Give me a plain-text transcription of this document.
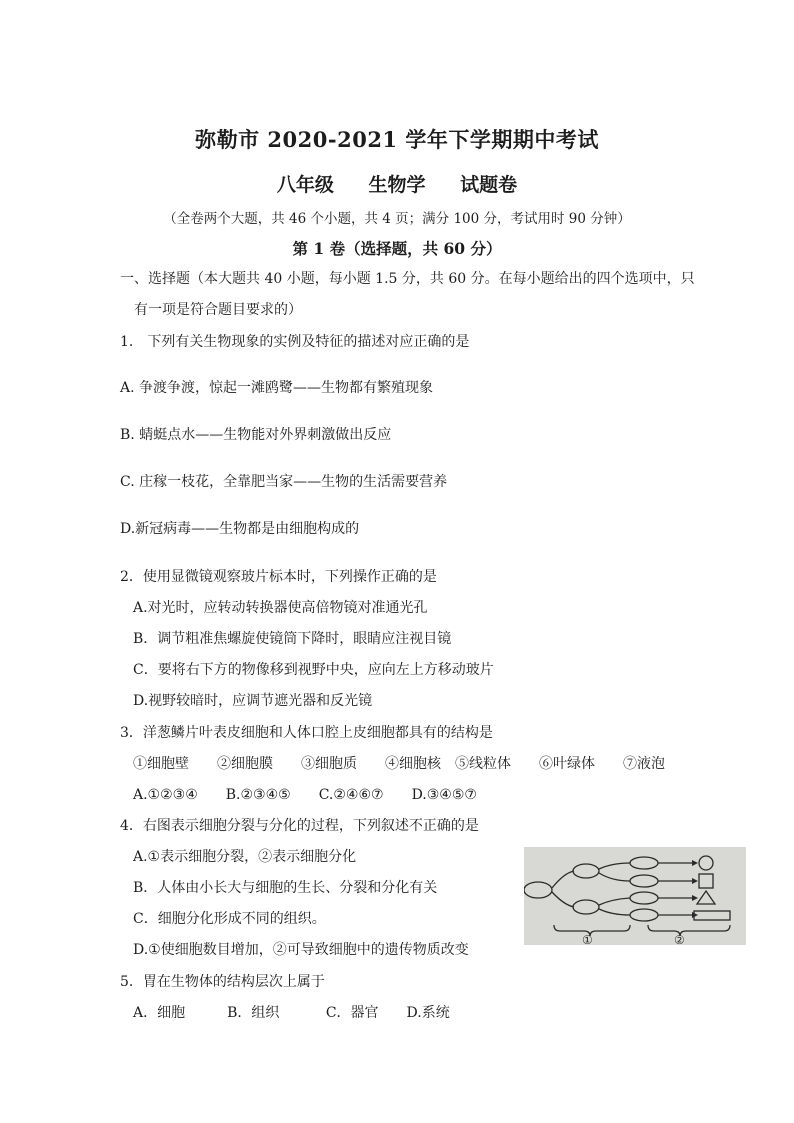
弥勒市 2020-2021 学年下学期期中考试
八年级 生物学 试题卷
（全卷两个大题，共 46 个小题，共 4 页；满分 100 分，考试用时 90 分钟）
第 1 卷（选择题，共 60 分）
一、选择题（本大题共 40 小题，每小题 1.5 分，共 60 分。在每小题给出的四个选项中，只
有一项是符合题目要求的）
1． 下列有关生物现象的实例及特征的描述对应正确的是
A. 争渡争渡，惊起一滩鸥鹭——生物都有繁殖现象
B. 蜻蜓点水——生物能对外界刺激做出反应
C. 庄稼一枝花，全靠肥当家——生物的生活需要营养
D.新冠病毒——生物都是由细胞构成的
2．使用显微镜观察玻片标本时，下列操作正确的是
A.对光时，应转动转换器使高倍物镜对准通光孔
B．调节粗准焦螺旋使镜筒下降时，眼睛应注视目镜
C．要将右下方的物像移到视野中央，应向左上方移动玻片
D.视野较暗时，应调节遮光器和反光镜
3．洋葱鳞片叶表皮细胞和人体口腔上皮细胞都具有的结构是
①细胞壁　　②细胞膜　　③细胞质　　④细胞核　⑤线粒体　　⑥叶绿体　　⑦液泡
A.①②③④　　B.②③④⑤　　C.②④⑥⑦　　D.③④⑤⑦
4．右图表示细胞分裂与分化的过程，下列叙述不正确的是
A.①表示细胞分裂，②表示细胞分化
B．人体由小长大与细胞的生长、分裂和分化有关
C．细胞分化形成不同的组织。
D.①使细胞数目增加，②可导致细胞中的遗传物质改变
①	②
5．胃在生物体的结构层次上属于
A．细胞　　　B．组织　　　 C．器官　　D.系统
